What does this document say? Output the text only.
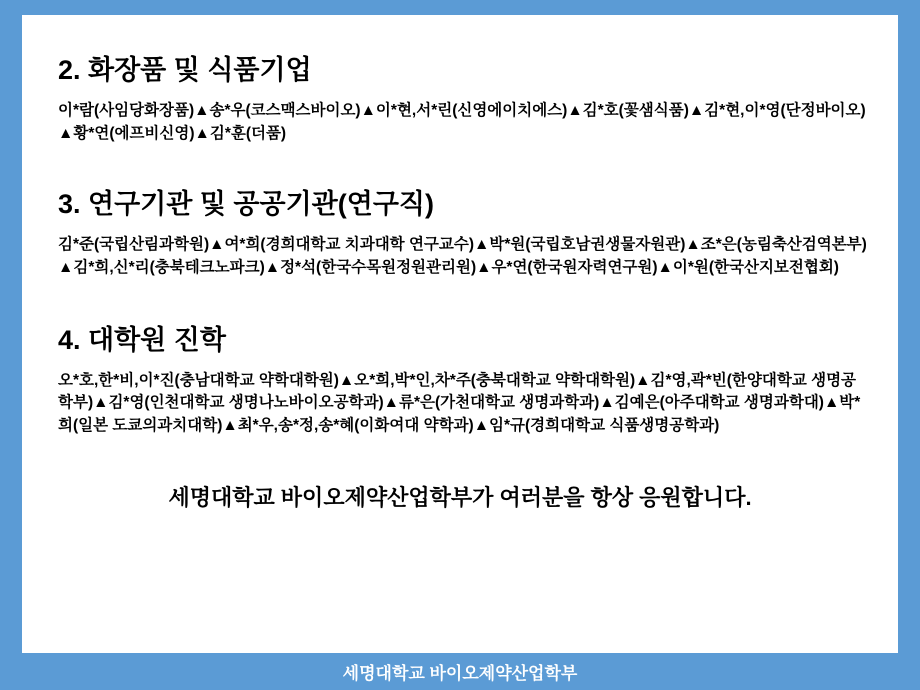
2. 화장품 및 식품기업

이*람(사임당화장품)▲송*우(코스맥스바이오)▲이*현,서*린(신영에이치에스)▲김*호(꽃샘식품)▲김*현,이*영(단정바이오)▲황*연(에프비신영)▲김*훈(더품)

3. 연구기관 및 공공기관(연구직)

김*준(국립산림과학원)▲여*희(경희대학교 치과대학 연구교수)▲박*원(국립호남권생물자원관)▲조*은(농림축산검역본부)▲김*희,신*리(충북테크노파크)▲정*석(한국수목원정원관리원)▲우*연(한국원자력연구원)▲이*원(한국산지보전협회)

4. 대학원 진학

오*호,한*비,이*진(충남대학교 약학대학원)▲오*희,박*인,차*주(충북대학교 약학대학원)▲김*영,곽*빈(한양대학교 생명공학부)▲김*영(인천대학교 생명나노바이오공학과)▲류*은(가천대학교 생명과학과)▲김예은(아주대학교 생명과학대)▲박*희(일본 도쿄의과치대학)▲최*우,송*정,송*혜(이화여대 약학과)▲임*규(경희대학교 식품생명공학과)

세명대학교 바이오제약산업학부가 여러분을 항상 응원합니다.
세명대학교 바이오제약산업학부
